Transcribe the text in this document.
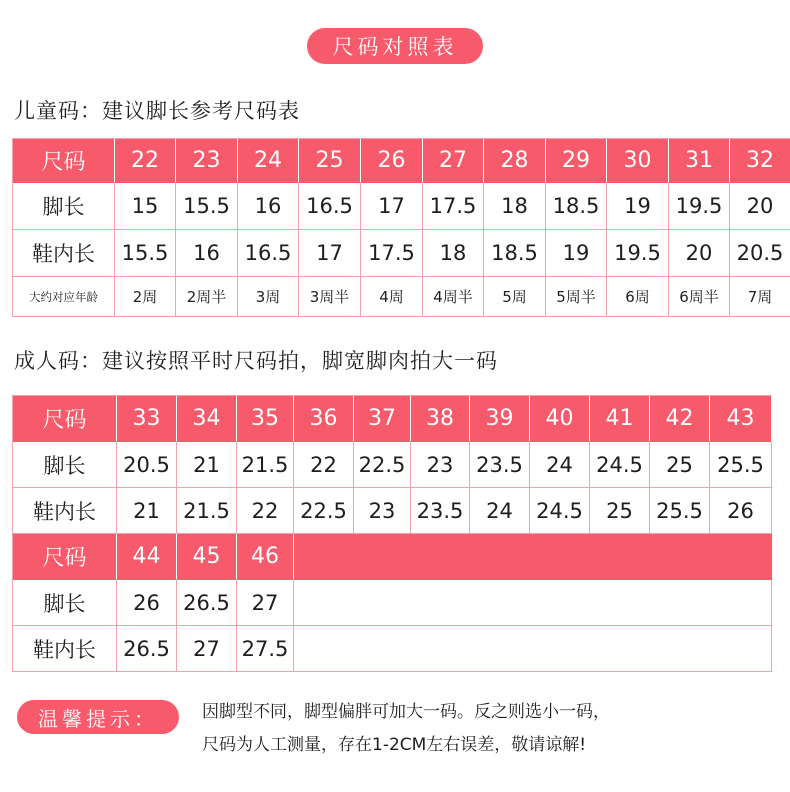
尺码对照表
儿童码：建议脚长参考尺码表
尺码	22	23	24	25	26	27	28	29	30	31	32
脚长	15	15.5	16	16.5	17	17.5	18	18.5	19	19.5	20
鞋内长	15.5	16	16.5	17	17.5	18	18.5	19	19.5	20	20.5
大约对应年龄	2周	2周半	3周	3周半	4周	4周半	5周	5周半	6周	6周半	7周
成人码：建议按照平时尺码拍，脚宽脚肉拍大一码
尺码	33	34	35	36	37	38	39	40	41	42	43
脚长	20.5	21	21.5	22	22.5	23	23.5	24	24.5	25	25.5
鞋内长	21	21.5	22	22.5	23	23.5	24	24.5	25	25.5	26
尺码	44	45	46
脚长	26	26.5	27
鞋内长	26.5	27	27.5
温馨提示：	因脚型不同，脚型偏胖可加大一码。反之则选小一码，
尺码为人工测量，存在1-2CM左右误差，敬请谅解!
